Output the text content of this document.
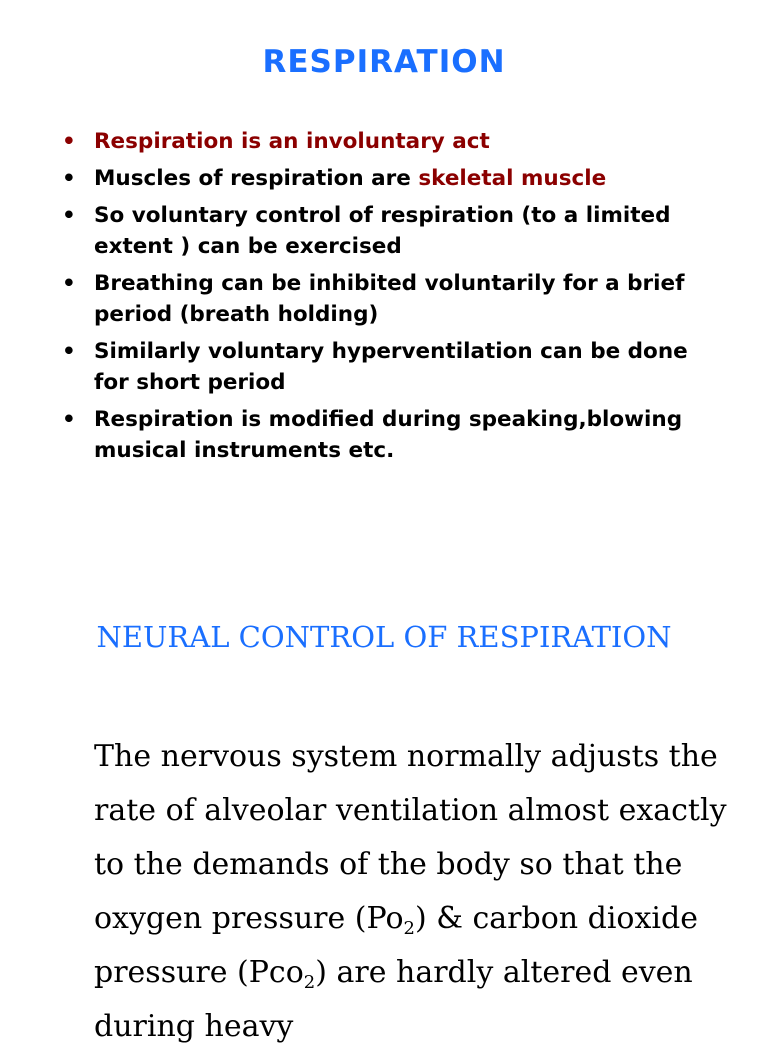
RESPIRATION
• Respiration is an involuntary act
• Muscles of respiration are skeletal muscle
• So voluntary control of respiration (to a limited extent ) can be exercised
• Breathing can be inhibited voluntarily for a brief period (breath holding)
• Similarly voluntary hyperventilation can be done for short period
• Respiration is modified during speaking,blowing musical instruments etc.
NEURAL CONTROL OF RESPIRATION

The nervous system normally adjusts the rate of alveolar ventilation almost exactly to the demands of the body so that the oxygen pressure $(Po_2)$ & carbon dioxide pressure (Pco$_2$) are hardly altered even during heavy
